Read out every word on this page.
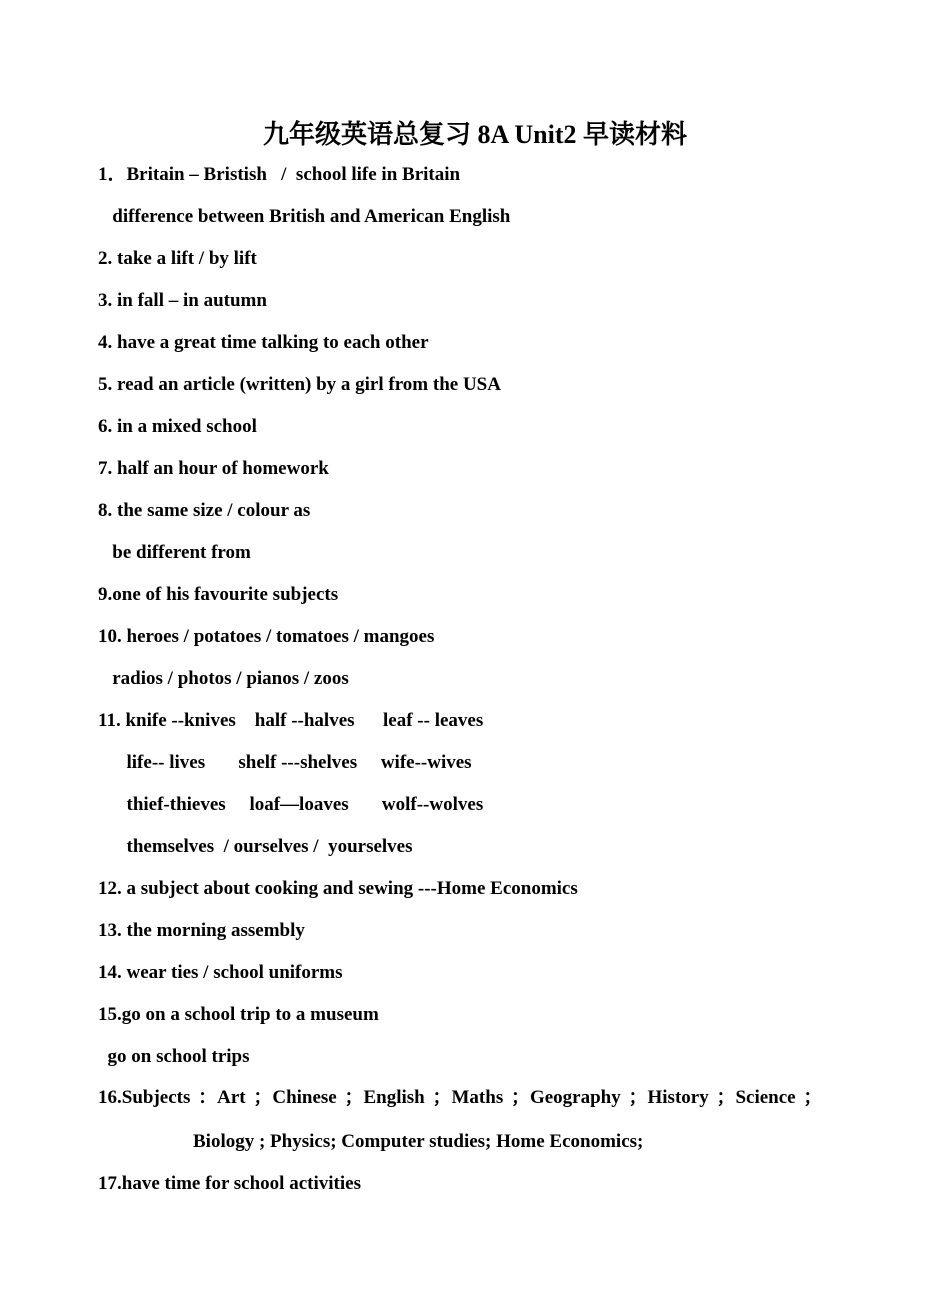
九年级英语总复习 8A Unit2 早读材料
1．Britain – Bristish   /  school life in Britain
difference between British and American English
2. take a lift / by lift
3. in fall – in autumn
4. have a great time talking to each other
5. read an article (written) by a girl from the USA
6. in a mixed school
7. half an hour of homework
8. the same size / colour as
be different from
9.one of his favourite subjects
10. heroes / potatoes / tomatoes / mangoes
radios / photos / pianos / zoos
11. knife --knives    half --halves      leaf -- leaves
life-- lives       shelf ---shelves     wife--wives
thief-thieves     loaf—loaves       wolf--wolves
themselves  / ourselves /  yourselves
12. a subject about cooking and sewing ---Home Economics
13. the morning assembly
14. wear ties / school uniforms
15.go on a school trip to a museum
go on school trips
16.Subjects ：Art ；Chinese ；English ；Maths ；Geography ；History ；Science ；
Biology ; Physics; Computer studies; Home Economics;
17.have time for school activities
